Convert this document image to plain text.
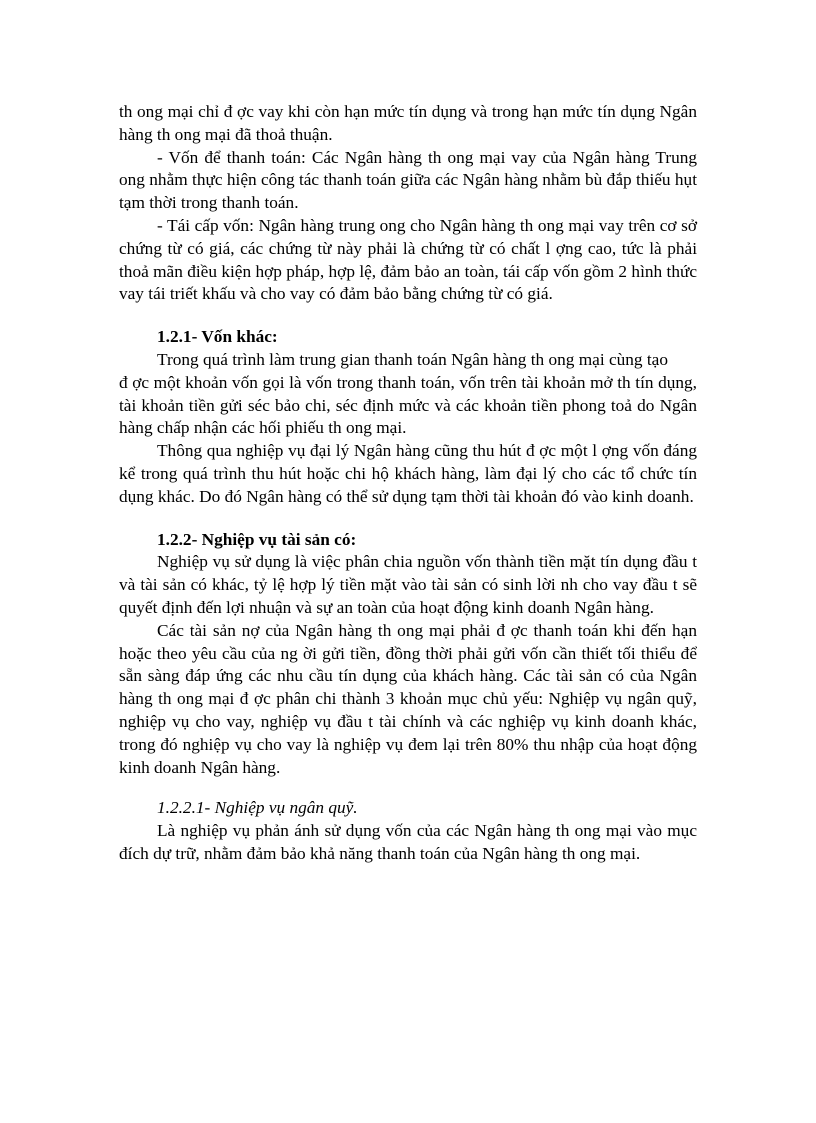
th ong mại chỉ đ ợc vay khi còn hạn mức tín dụng và trong hạn mức tín dụng Ngân hàng th ong mại đã thoả thuận.

- Vốn để thanh toán: Các Ngân hàng th ong mại vay của Ngân hàng Trung ong nhằm thực hiện công tác thanh toán giữa các Ngân hàng nhằm bù đắp thiếu hụt tạm thời trong thanh toán.

- Tái cấp vốn: Ngân hàng trung ong cho Ngân hàng th ong mại vay trên cơ sở chứng từ có giá, các chứng từ này phải là chứng từ có chất l ợng cao, tức là phải thoả mãn điều kiện hợp pháp, hợp lệ, đảm bảo an toàn, tái cấp vốn gồm 2 hình thức vay tái triết khấu và cho vay có đảm bảo bằng chứng từ có giá.

1.2.1- Vốn khác:

Trong quá trình làm trung gian thanh toán Ngân hàng th ong mại cùng tạo

đ ợc một khoản vốn gọi là vốn trong thanh toán, vốn trên tài khoản mở th tín dụng, tài khoản tiền gửi séc bảo chi, séc định mức và các khoản tiền phong toả do Ngân hàng chấp nhận các hối phiếu th ong mại.

Thông qua nghiệp vụ đại lý Ngân hàng cũng thu hút đ ợc một l ợng vốn đáng kể trong quá trình thu hút hoặc chi hộ khách hàng, làm đại lý cho các tổ chức tín dụng khác. Do đó Ngân hàng có thể sử dụng tạm thời tài khoản đó vào kinh doanh.

1.2.2- Nghiệp vụ tài sản có:

Nghiệp vụ sử dụng là việc phân chia nguồn vốn thành tiền mặt tín dụng đầu t và tài sản có khác, tỷ lệ hợp lý tiền mặt vào tài sản có sinh lời nh cho vay đầu t sẽ quyết định đến lợi nhuận và sự an toàn của hoạt động kinh doanh Ngân hàng.

Các tài sản nợ của Ngân hàng th ong mại phải đ ợc thanh toán khi đến hạn hoặc theo yêu cầu của ng ời gửi tiền, đồng thời phải gửi vốn cần thiết tối thiểu để sẵn sàng đáp ứng các nhu cầu tín dụng của khách hàng. Các tài sản có của Ngân hàng th ong mại đ ợc phân chi thành 3 khoản mục chủ yếu: Nghiệp vụ ngân quỹ, nghiệp vụ cho vay, nghiệp vụ đầu t tài chính và các nghiệp vụ kinh doanh khác, trong đó nghiệp vụ cho vay là nghiệp vụ đem lại trên 80% thu nhập của hoạt động kinh doanh Ngân hàng.

1.2.2.1- Nghiệp vụ ngân quỹ.

Là nghiệp vụ phản ánh sử dụng vốn của các Ngân hàng th ong mại vào mục đích dự trữ, nhằm đảm bảo khả năng thanh toán của Ngân hàng th ong mại.
